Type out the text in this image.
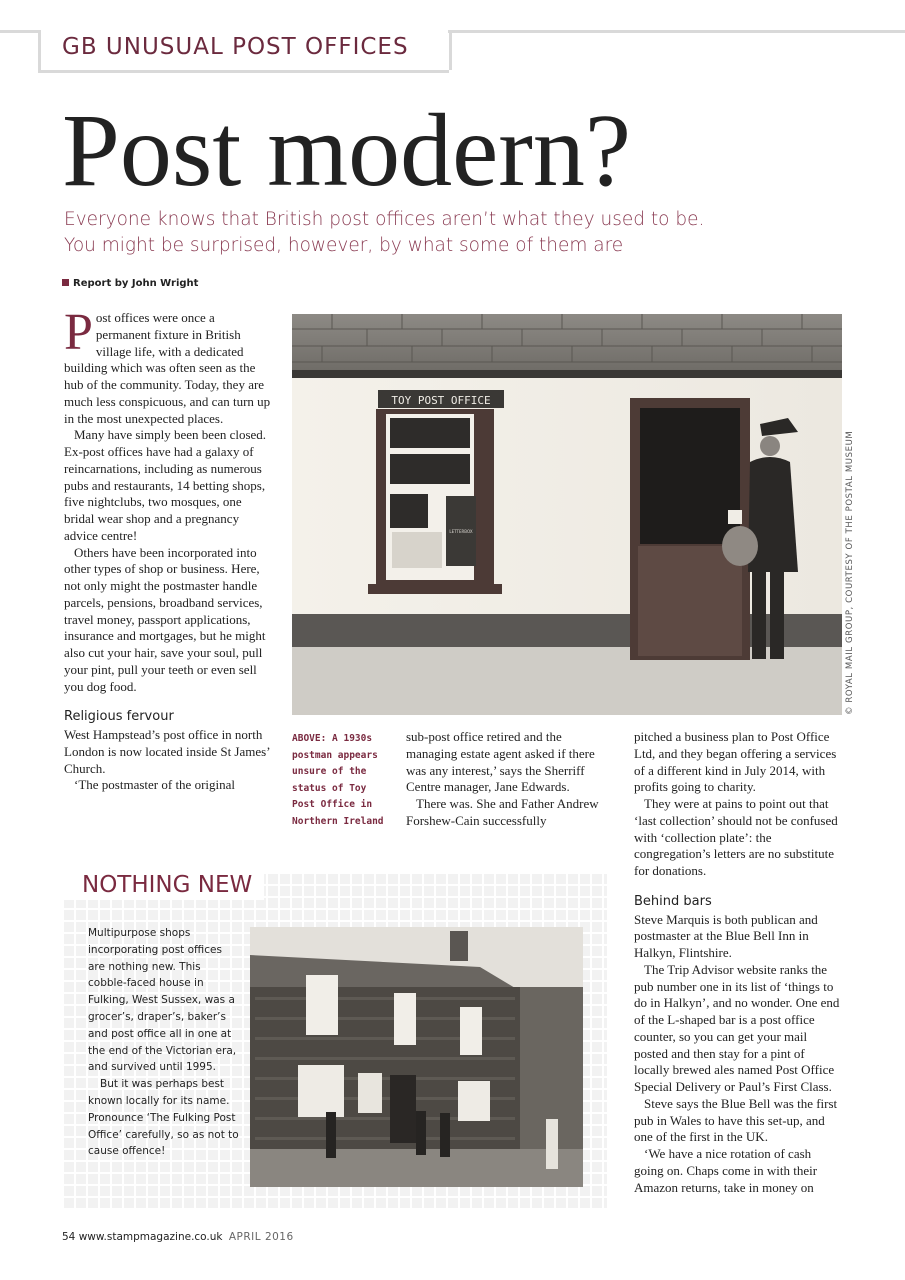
GB UNUSUAL POST OFFICES
Post modern?
Everyone knows that British post offices aren’t what they used to be.
You might be surprised, however, by what some of them are
Report by John Wright

Post offices were once a permanent fixture in British village life, with a dedicated building which was often seen as the hub of the community. Today, they are much less conspicuous, and can turn up in the most unexpected places.

Many have simply been been closed. Ex-post offices have had a galaxy of reincarnations, including as numerous pubs and restaurants, 14 betting shops, five nightclubs, two mosques, one bridal wear shop and a pregnancy advice centre!

Others have been incorporated into other types of shop or business. Here, not only might the postmaster handle parcels, pensions, broadband services, travel money, passport applications, insurance and mortgages, but he might also cut your hair, save your soul, pull your pint, pull your teeth or even sell you dog food.

Religious fervour

West Hampstead’s post office in north London is now located inside St James’ Church.

‘The postmaster of the original

TOY POST OFFICE
LETTERBOX	© ROYAL MAIL GROUP, COURTESY OF THE POSTAL MUSEUM
ABOVE: A 1930s postman appears unsure of the status of Toy Post Office in Northern Ireland

sub-post office retired and the managing estate agent asked if there was any interest,’ says the Sherriff Centre manager, Jane Edwards.

There was. She and Father Andrew Forshew-Cain successfully

pitched a business plan to Post Office Ltd, and they began offering a services of a different kind in July 2014, with profits going to charity.

They were at pains to point out that ‘last collection’ should not be confused with ‘collection plate’: the congregation’s letters are no substitute for donations.

Behind bars

Steve Marquis is both publican and postmaster at the Blue Bell Inn in Halkyn, Flintshire.

The Trip Advisor website ranks the pub number one in its list of ‘things to do in Halkyn’, and no wonder. One end of the L-shaped bar is a post office counter, so you can get your mail posted and then stay for a pint of locally brewed ales named Post Office Special Delivery or Paul’s First Class.

Steve says the Blue Bell was the first pub in Wales to have this set-up, and one of the first in the UK.

‘We have a nice rotation of cash going on. Chaps come in with their Amazon returns, take in money on

NOTHING NEW

Multipurpose shops incorporating post offices are nothing new. This cobble-faced house in Fulking, West Sussex, was a grocer’s, draper’s, baker’s and post office all in one at the end of the Victorian era, and survived until 1995.

But it was perhaps best known locally for its name. Pronounce ‘The Fulking Post Office’ carefully, so as not to cause offence!

54 www.stampmagazine.co.uk APRIL 2016
